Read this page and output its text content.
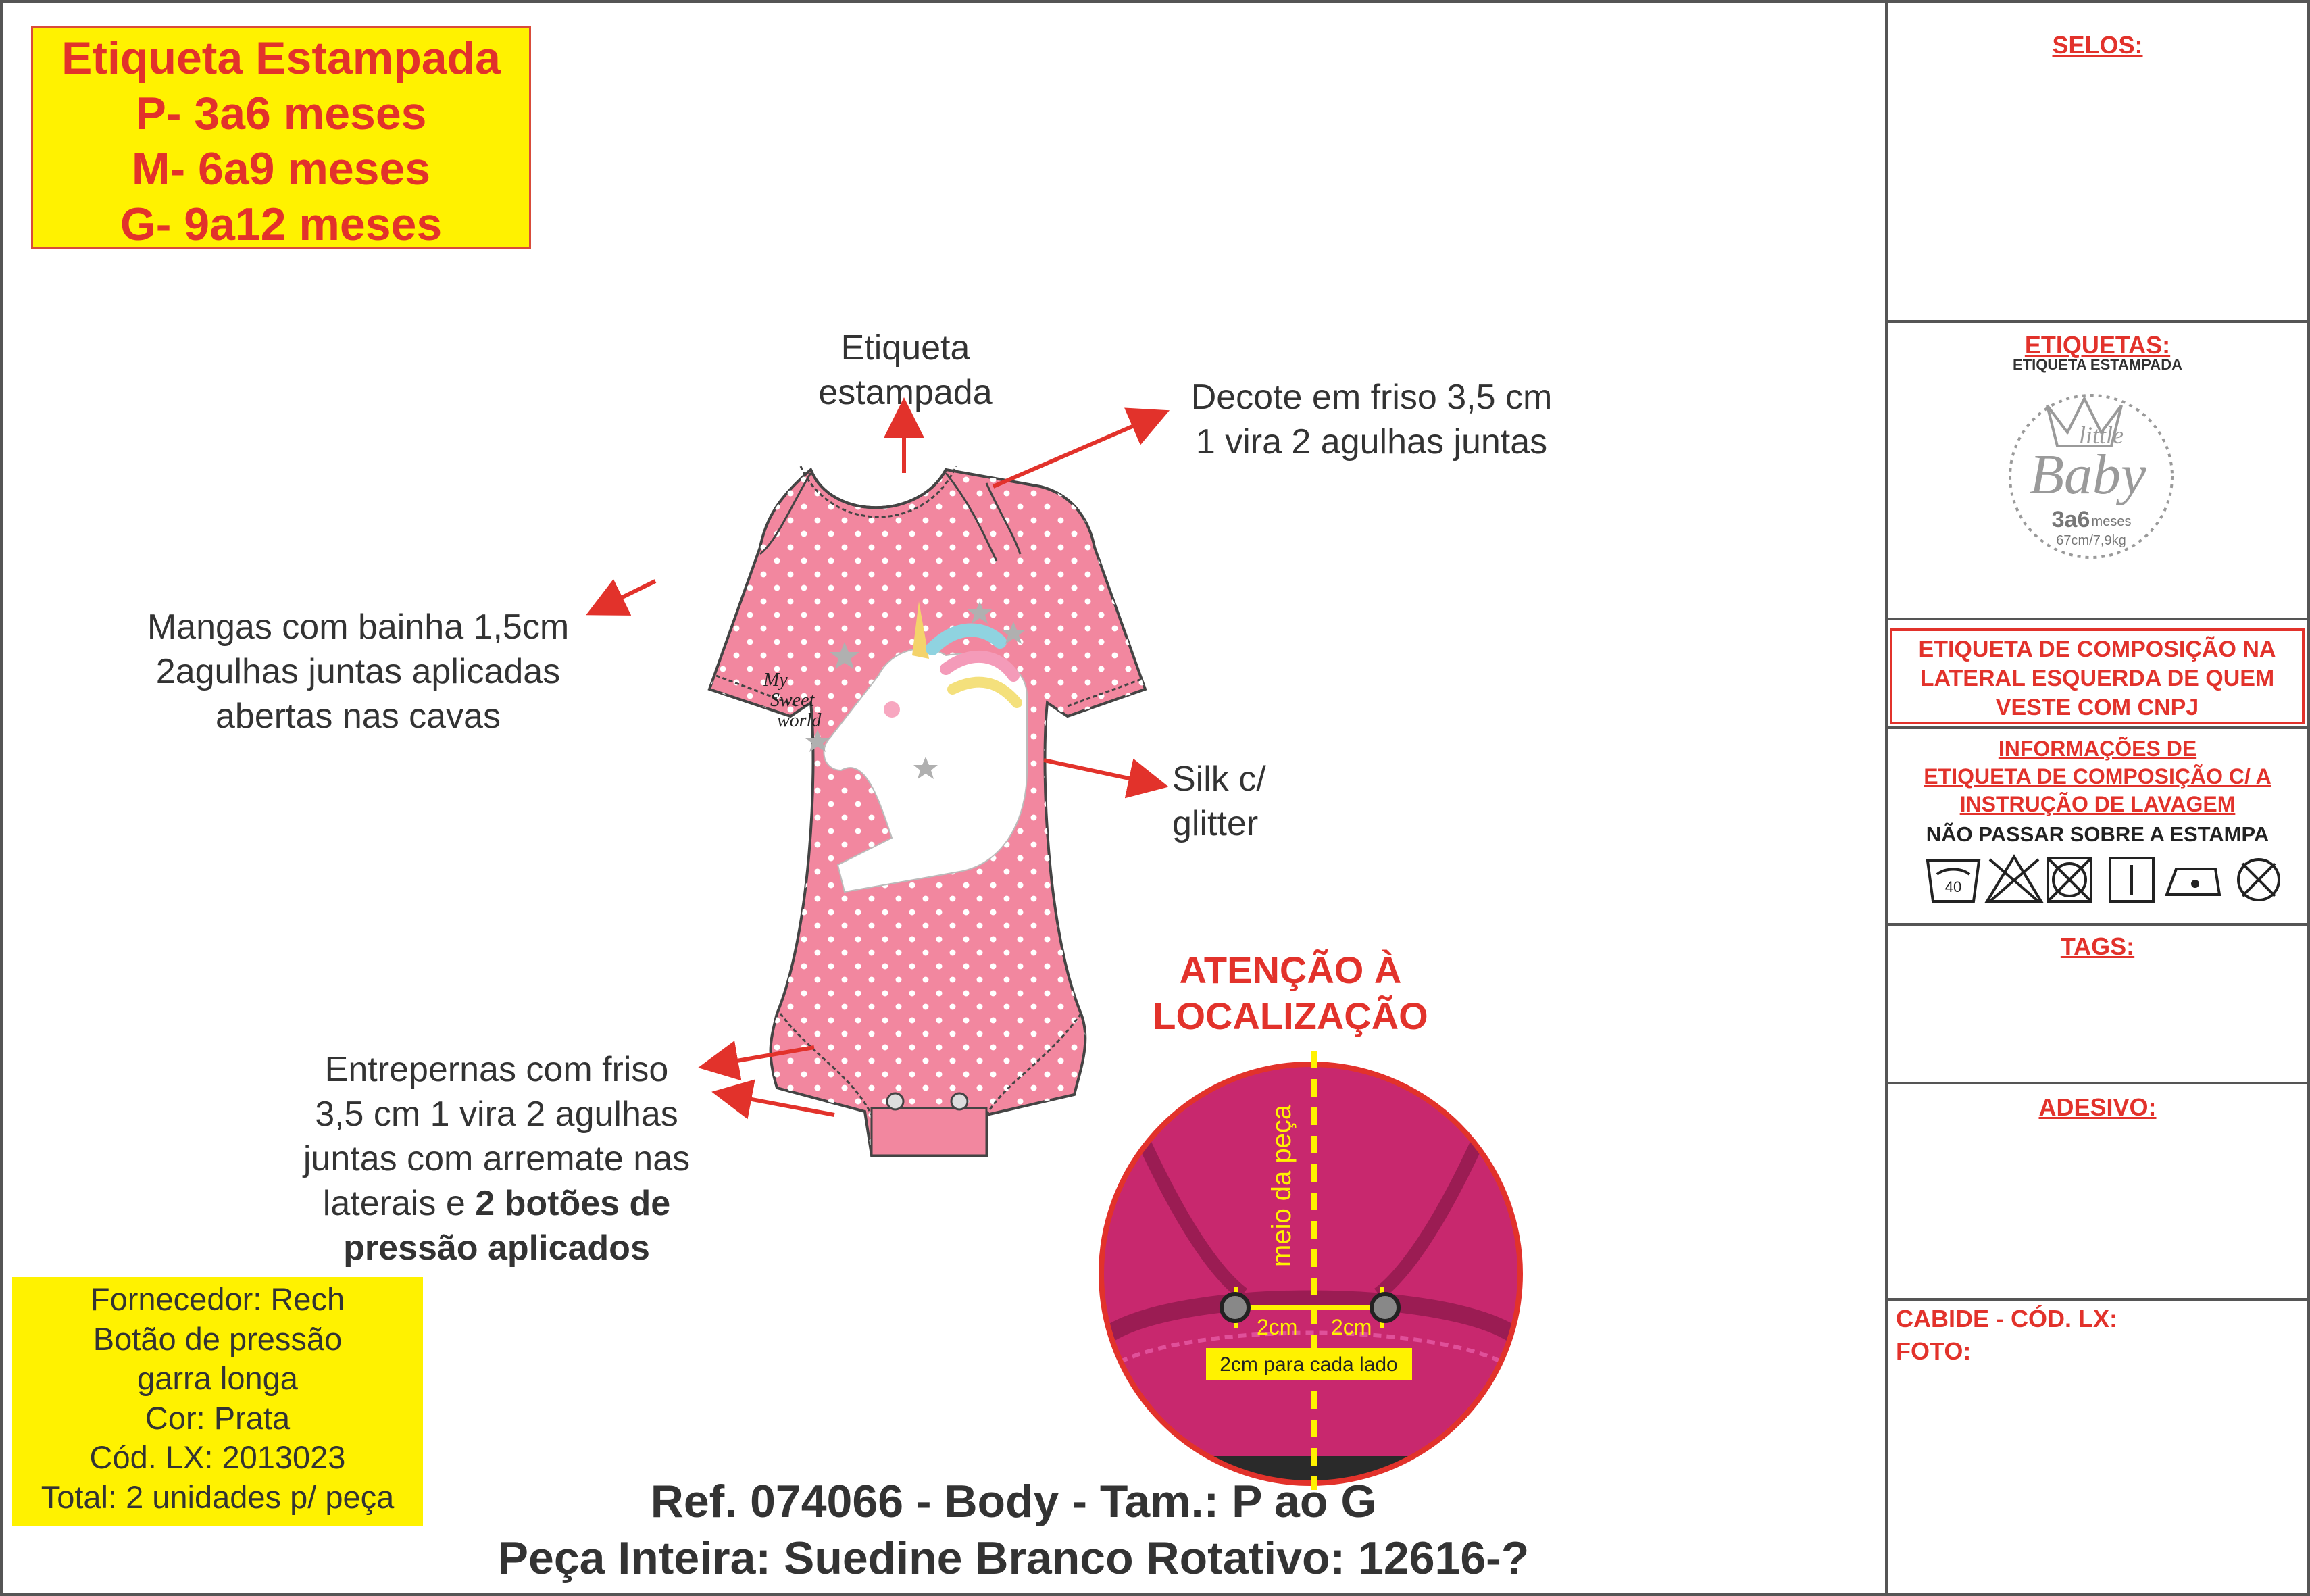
Etiqueta Estampada
P- 3a6 meses
M- 6a9 meses
G- 9a12 meses
My
Sweet
world
Etiqueta
estampada	Decote em friso 3,5 cm
1 vira 2 agulhas juntas
Mangas com bainha 1,5cm
2agulhas juntas aplicadas
abertas nas cavas
Silk c/
glitter
Entrepernas com friso
3,5 cm 1 vira 2 agulhas
juntas com arremate nas
laterais e 2 botões de
pressão aplicados
ATENÇÃO À
LOCALIZAÇÃO
meio da peça
2cm 2cm
2cm para cada lado
Fornecedor: Rech
Botão de pressão
garra longa
Cor: Prata
Cód. LX: 2013023
Total: 2 unidades p/ peça	Ref. 074066 - Body - Tam.: P ao G
Peça Inteira: Suedine Branco Rotativo: 12616-?
SELOS:
ETIQUETAS:
ETIQUETA ESTAMPADA
little
Baby
3a6 meses
67cm/7,9kg
ETIQUETA DE COMPOSIÇÃO NA
LATERAL ESQUERDA DE QUEM
VESTE COM CNPJ
INFORMAÇÕES DE
ETIQUETA DE COMPOSIÇÃO C/ A
INSTRUÇÃO DE LAVAGEM
NÃO PASSAR SOBRE A ESTAMPA
40
TAGS:
ADESIVO:
CABIDE - CÓD. LX:
FOTO:
